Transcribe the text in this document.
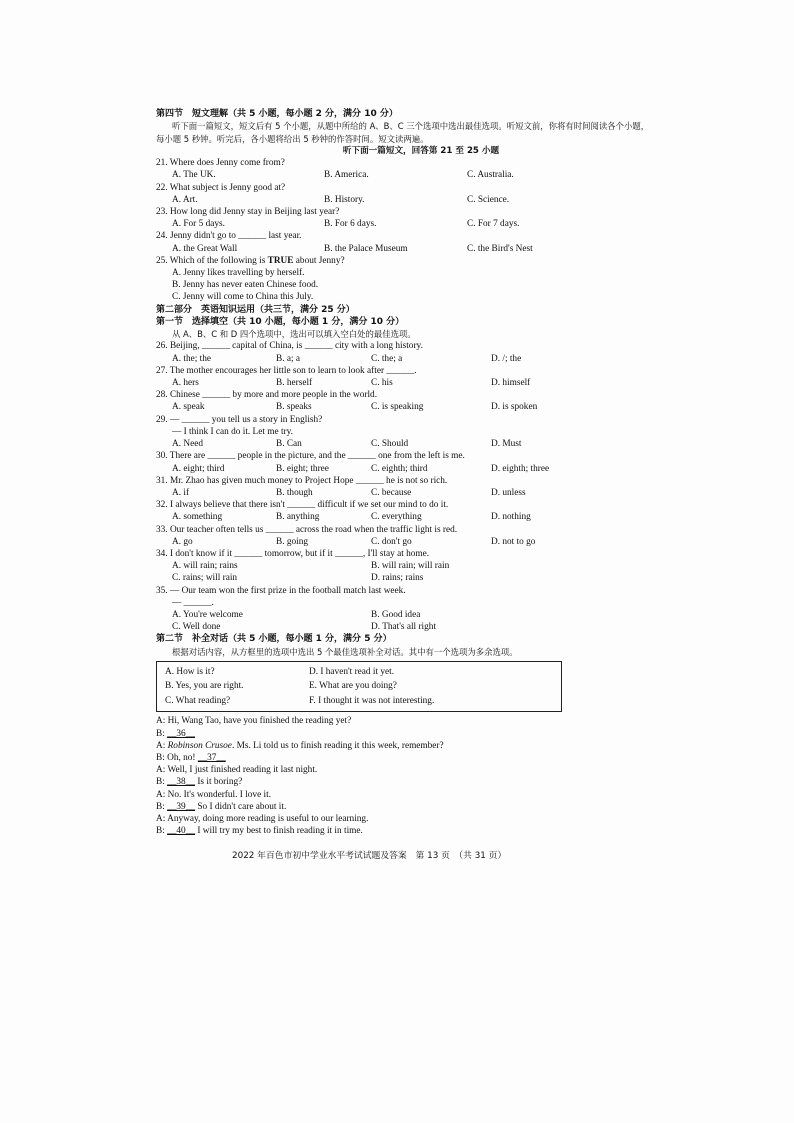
第四节　短文理解（共 5 小题，每小题 2 分，满分 10 分）
听下面一篇短文，短文后有 5 个小题，从题中所给的 A、B、C 三个选项中选出最佳选项。听短文前，你将有时间阅读各个小题，每小题 5 秒钟。听完后，各小题将给出 5 秒钟的作答时间。短文读两遍。
听下面一篇短文，回答第 21 至 25 小题
21. Where does Jenny come from?
A. The UK.	B. America.	C. Australia.
22. What subject is Jenny good at?
A. Art.	B. History.	C. Science.
23. How long did Jenny stay in Beijing last year?
A. For 5 days.	B. For 6 days.	C. For 7 days.
24. Jenny didn't go to ______ last year.
A. the Great Wall	B. the Palace Museum	C. the Bird's Nest
25. Which of the following is TRUE about Jenny?
A. Jenny likes travelling by herself.
B. Jenny has never eaten Chinese food.
C. Jenny will come to China this July.
第二部分　英语知识运用（共三节，满分 25 分）
第一节　选择填空（共 10 小题，每小题 1 分，满分 10 分）
从 A、B、C 和 D 四个选项中，选出可以填入空白处的最佳选项。
26. Beijing, ______ capital of China, is ______ city with a long history.
A. the; the	B. a; a	C. the; a	D. /; the
27. The mother encourages her little son to learn to look after ______.
A. hers	B. herself	C. his	D. himself
28. Chinese ______ by more and more people in the world.
A. speak	B. speaks	C. is speaking	D. is spoken
29. — ______ you tell us a story in English?
— I think I can do it. Let me try.
A. Need	B. Can	C. Should	D. Must
30. There are ______ people in the picture, and the ______ one from the left is me.
A. eight; third	B. eight; three	C. eighth; third	D. eighth; three
31. Mr. Zhao has given much money to Project Hope ______ he is not so rich.
A. if	B. though	C. because	D. unless
32. I always believe that there isn't ______ difficult if we set our mind to do it.
A. something	B. anything	C. everything	D. nothing
33. Our teacher often tells us ______ across the road when the traffic light is red.
A. go	B. going	C. don't go	D. not to go
34. I don't know if it ______ tomorrow, but if it ______, I'll stay at home.
A. will rain; rains	B. will rain; will rain
C. rains; will rain	D. rains; rains
35. — Our team won the first prize in the football match last week.
— ______.
A. You're welcome	B. Good idea
C. Well done	D. That's all right
第二节　补全对话（共 5 小题，每小题 1 分，满分 5 分）
根据对话内容，从方框里的选项中选出 5 个最佳选项补全对话。其中有一个选项为多余选项。
A. How is it?	D. I haven't read it yet.
B. Yes, you are right.	E. What are you doing?
C. What reading?	F. I thought it was not interesting.
A: Hi, Wang Tao, have you finished the reading yet?
B: __36__
A: Robinson Crusoe. Ms. Li told us to finish reading it this week, remember?
B: Oh, no! __37__
A: Well, I just finished reading it last night.
B: __38__ Is it boring?
A: No. It's wonderful. I love it.
B: __39__ So I didn't care about it.
A: Anyway, doing more reading is useful to our learning.
B: __40__ I will try my best to finish reading it in time.
2022 年百色市初中学业水平考试试题及答案　第 13 页　（共 31 页）
